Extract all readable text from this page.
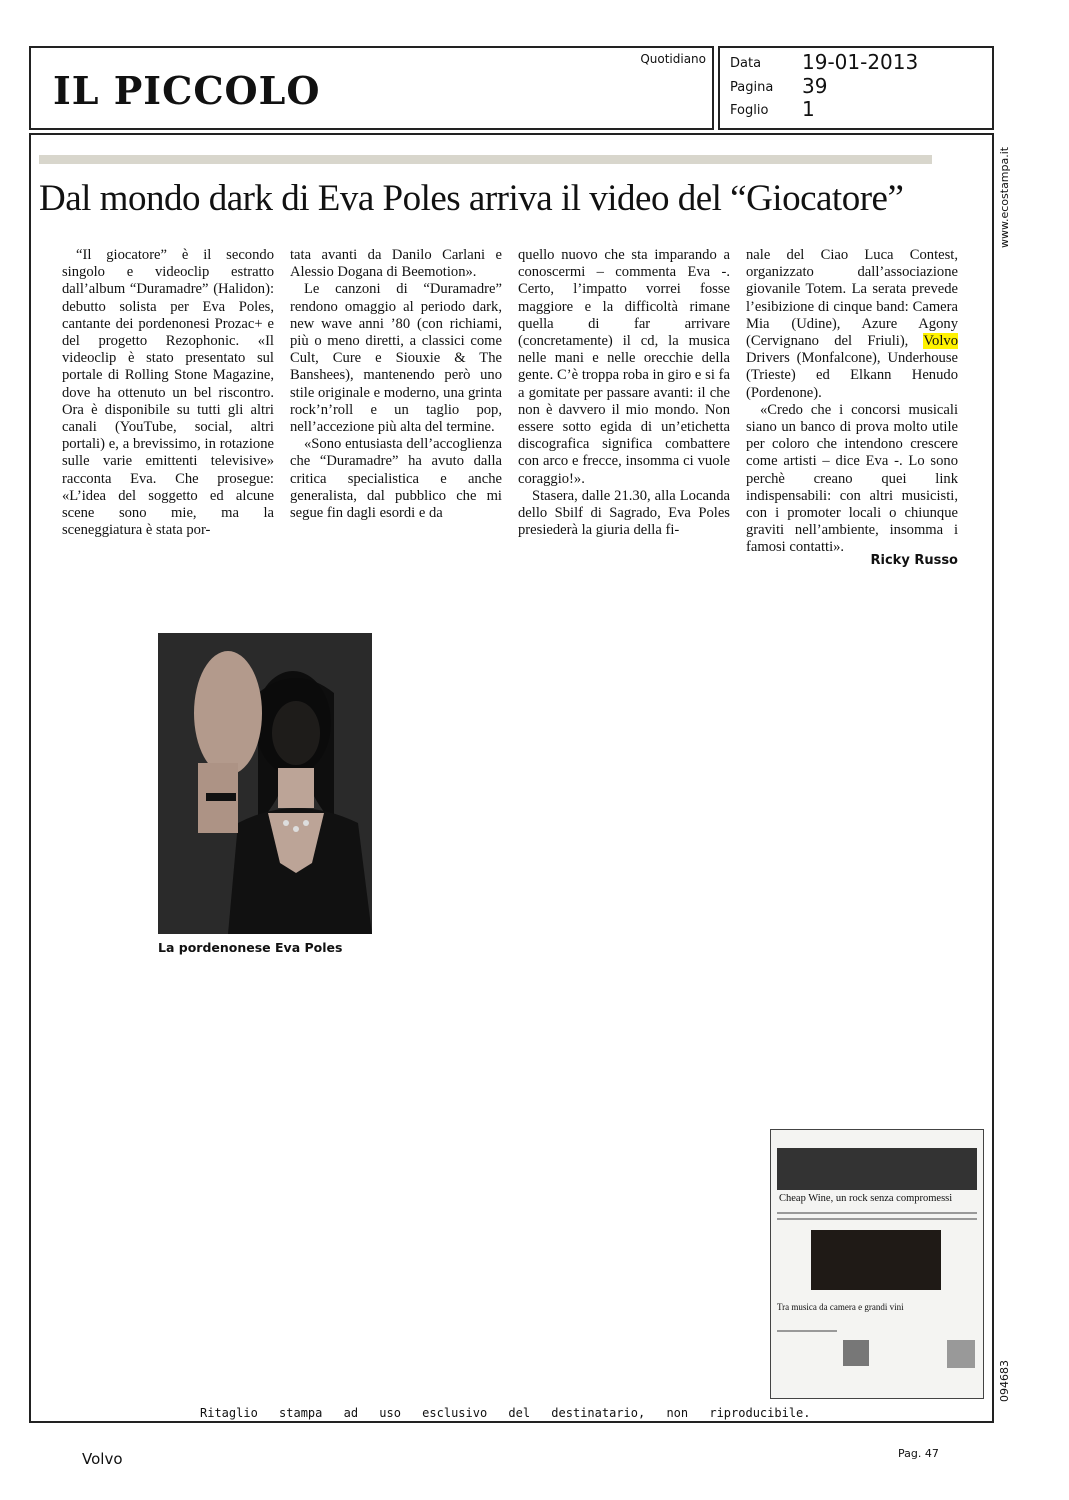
IL PICCOLO
Quotidiano Data 19-01-2013
Pagina 39
Foglio 1
Dal mondo dark di Eva Poles arriva il video del “Giocatore”

“Il giocatore” è il secondo singolo e videoclip estratto dall’album “Duramadre” (Halidon): debutto solista per Eva Poles, cantante dei pordenonesi Prozac+ e del progetto Rezophonic. «Il videoclip è stato presentato sul portale di Rolling Stone Magazine, dove ha ottenuto un bel riscontro. Ora è disponibile su tutti gli altri canali (YouTube, social, altri portali) e, a brevissimo, in rotazione sulle varie emittenti televisive» racconta Eva. Che prosegue: «L’idea del soggetto ed alcune scene sono mie, ma la sceneggiatura è stata por-

tata avanti da Danilo Carlani e Alessio Dogana di Beemotion».

Le canzoni di “Duramadre” rendono omaggio al periodo dark, new wave anni ’80 (con richiami, più o meno diretti, a classici come Cult, Cure e Siouxie & The Banshees), mantenendo però uno stile originale e moderno, una grinta rock’n’roll e un taglio pop, nell’accezione più alta del termine.

«Sono entusiasta dell’accoglienza che “Duramadre” ha avuto dalla critica specialistica e anche generalista, dal pubblico che mi segue fin dagli esordi e da

quello nuovo che sta imparando a conoscermi – commenta Eva -. Certo, l’impatto vorrei fosse maggiore e la difficoltà rimane quella di far arrivare (concretamente) il cd, la musica nelle mani e nelle orecchie della gente. C’è troppa roba in giro e si fa a gomitate per passare avanti: il che non è davvero il mio mondo. Non essere sotto egida di un’etichetta discografica significa combattere con arco e frecce, insomma ci vuole coraggio!».

Stasera, dalle 21.30, alla Locanda dello Sbilf di Sagrado, Eva Poles presiederà la giuria della fi-

nale del Ciao Luca Contest, organizzato dall’associazione giovanile Totem. La serata prevede l’esibizione di cinque band: Camera Mia (Udine), Azure Agony (Cervignano del Friuli), Volvo Drivers (Monfalcone), Underhouse (Trieste) ed Elkann Henudo (Pordenone).

«Credo che i concorsi musicali siano un banco di prova molto utile per coloro che intendono crescere come artisti – dice Eva -. Lo sono perchè creano quei link indispensabili: con altri musicisti, con i promoter locali o chiunque graviti nell’ambiente, insomma i famosi contatti».

Ricky Russo
La pordenonese Eva Poles
Cheap Wine, un rock senza compromessi
Tra musica da camera e grandi vini
Ritaglio stampa ad uso esclusivo del destinatario, non riproducibile.
www.ecostampa.it
094683
Volvo	Pag. 47
